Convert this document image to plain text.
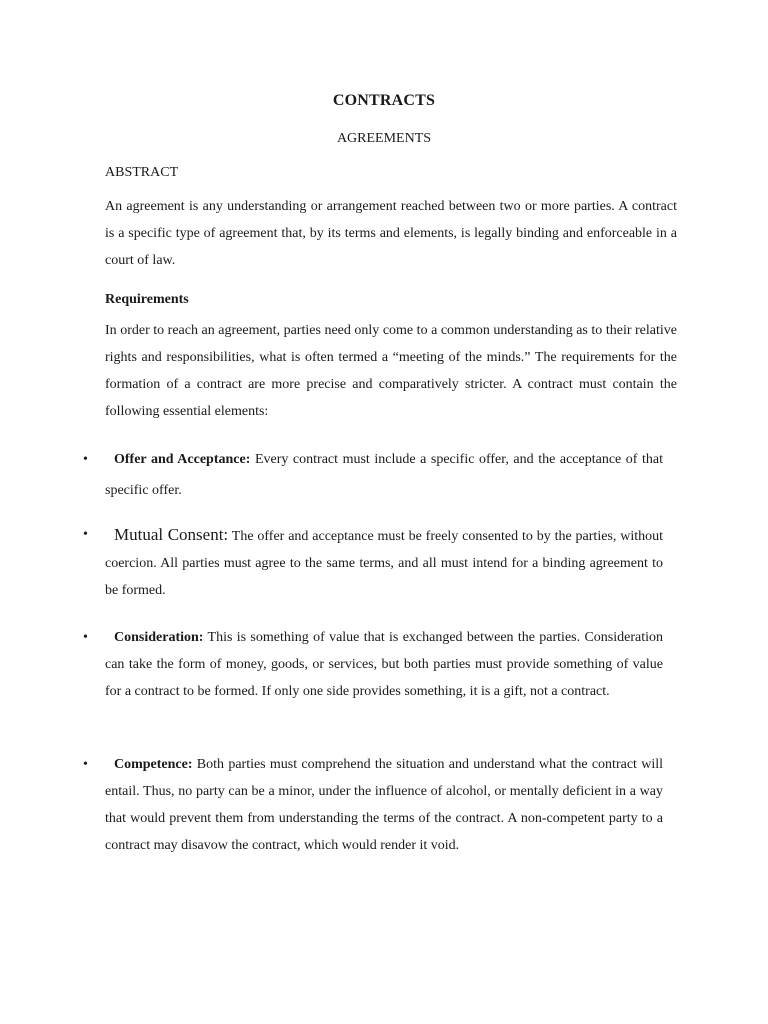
CONTRACTS
AGREEMENTS
ABSTRACT
An agreement is any understanding or arrangement reached between two or more parties. A contract is a specific type of agreement that, by its terms and elements, is legally binding and enforceable in a court of law.
Requirements
In order to reach an agreement, parties need only come to a common understanding as to their relative rights and responsibilities, what is often termed a “meeting of the minds.” The requirements for the formation of a contract are more precise and comparatively stricter. A contract must contain the following essential elements:
• Offer and Acceptance: Every contract must include a specific offer, and the acceptance of that specific offer.
• Mutual Consent: The offer and acceptance must be freely consented to by the parties, without coercion. All parties must agree to the same terms, and all must intend for a binding agreement to be formed.
• Consideration: This is something of value that is exchanged between the parties. Consideration can take the form of money, goods, or services, but both parties must provide something of value for a contract to be formed. If only one side provides something, it is a gift, not a contract.
• Competence: Both parties must comprehend the situation and understand what the contract will entail. Thus, no party can be a minor, under the influence of alcohol, or mentally deficient in a way that would prevent them from understanding the terms of the contract. A non-competent party to a contract may disavow the contract, which would render it void.
